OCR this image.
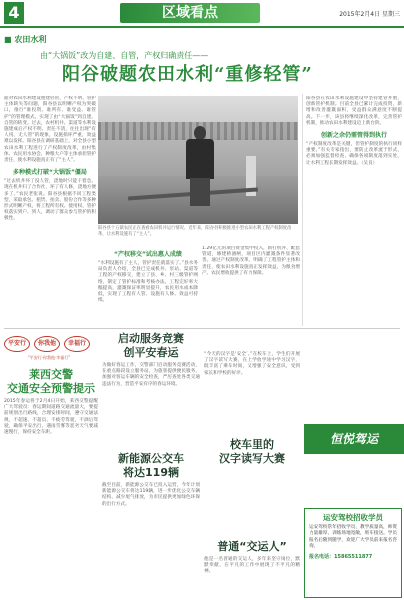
4	区域看点	2015年2月4日 星期三
■ 农田水利
由“大锅饭”改为自建、自管，产权归确责任——
阳谷破题农田水利“重修轻管”

面对农田水利建设重建轻管、产权不明、管护主体缺失等问题，阳谷县以明晰产权为突破口，推行“谁投资、谁所有、谁受益、谁管护”的管理模式，实现了由“大锅饭”到自建、自管的转变。过去，农村机井、渠道等水利设施建成后产权不明、责任不清，往往出现“有人用、无人管”的现象，设施损坏严重，效益难以发挥。阳谷县在调研基础上，对全县小型农田水利工程进行了产权制度改革，由村集体、农民用水协会、种粮大户等主体承担管护责任，使水利设施真正有了“主人”。

多种模式打破“大锅饭”僵局

“过去机井坏了没人管，浇地时只能干着急。现在机井归了合作社，坏了有人修，浇地方便多了。”农民老张说。阳谷县根据不同工程类型，采取承包、租赁、拍卖、股份合作等多种形式明晰产权，将工程所有权、使用权、管护权落实到户、到人，调动了群众参与管护的积极性。

阳谷县十五镇农民正在查看农田机井运行情况。近年来，阳谷县积极推进小型农田水利工程产权制度改革，让水利设施有了“主人”。

“产权移交”试出惠人成绩

“水利设施有了主人，管护责任就落实了。”县水务局负责人介绍，全县已完成机井、泵站、渠道等工程的产权移交，建立了县、乡、村三级管护网络，制定了管护标准和考核办法，工程完好率大幅提高，灌溉保证率明显提升，农民用水成本降低，实现了工程有人管、设施有人修、效益可持续。

1.29亿元的项目资金集中投入，新打机井、配套管道，修建桥涵闸，项目区内灌溉条件显著改善。通过产权制度改革，明确了工程管护主体和责任，使农田水利设施真正发挥效益，为粮食增产、农民增收提供了有力保障。

阳谷县在农田水利设施建设中坚持建管并重，创新管护机制。目前全县已累计完成投资，新增和改善灌溉面积，受益群众满意度不断提高。下一步，该县将继续深化改革，完善管护机制，推动农田水利建设迈上新台阶。

创新之余仍需管得到执行

“产权制度改革是关键，但管护制度的执行同样重要。”有关专家指出，要防止改革流于形式，必须加强监督检查，确保各项制度落到实处，让水利工程长期发挥效益。（吴良）

平安行	你我他	幸福行
“平安行·你我他·幸福行”
莱西交警
交通安全预警提示

2015年春运将于2月4日开始，莱西交警提醒广大驾驶员：春运期间道路交通流量大，要提前规划出行路线，合理安排时间，遵守交通法规，不超速、不超员、不疲劳驾驶，不酒后驾驶，确保平安出行。遇雨雪雾等恶劣天气要减速慢行，保持安全车距。

启动服务竞赛
创平安春运

为做好春运工作，交警部门启动服务竞赛活动，在重点路段设立服务站，为旅客提供便民服务，加强对客运车辆的安全检查，严厉查处各类交通违法行为，营造平安有序的春运环境。

新能源公交车
将达119辆

截至目前，新能源公交车已投入运营，今年计划新能源公交车将达119辆，进一步优化公交车辆结构，减少尾气排放，为市民提供更加绿色环保的出行方式。

“今天的汉字是‘安全’。”在校车上，学生们开展了汉字读写大赛，在上学放学途中学习汉字，既丰富了乘车时间，又增强了安全意识，受到家长和学校的好评。

校车里的
汉字读写大赛
普通“交运人”

他是一名普通的交运人，多年来坚守岗位，默默奉献，在平凡的工作中展现了不平凡的精神。

恒悦驾运
运安驾校招收学员

运安驾校常年招收学员，教学质量高，师资力量雄厚，训练场地宽敞，班车接送。学员报名后随到随学，欢迎广大学员前来报名咨询。

报名电话：15865511877
